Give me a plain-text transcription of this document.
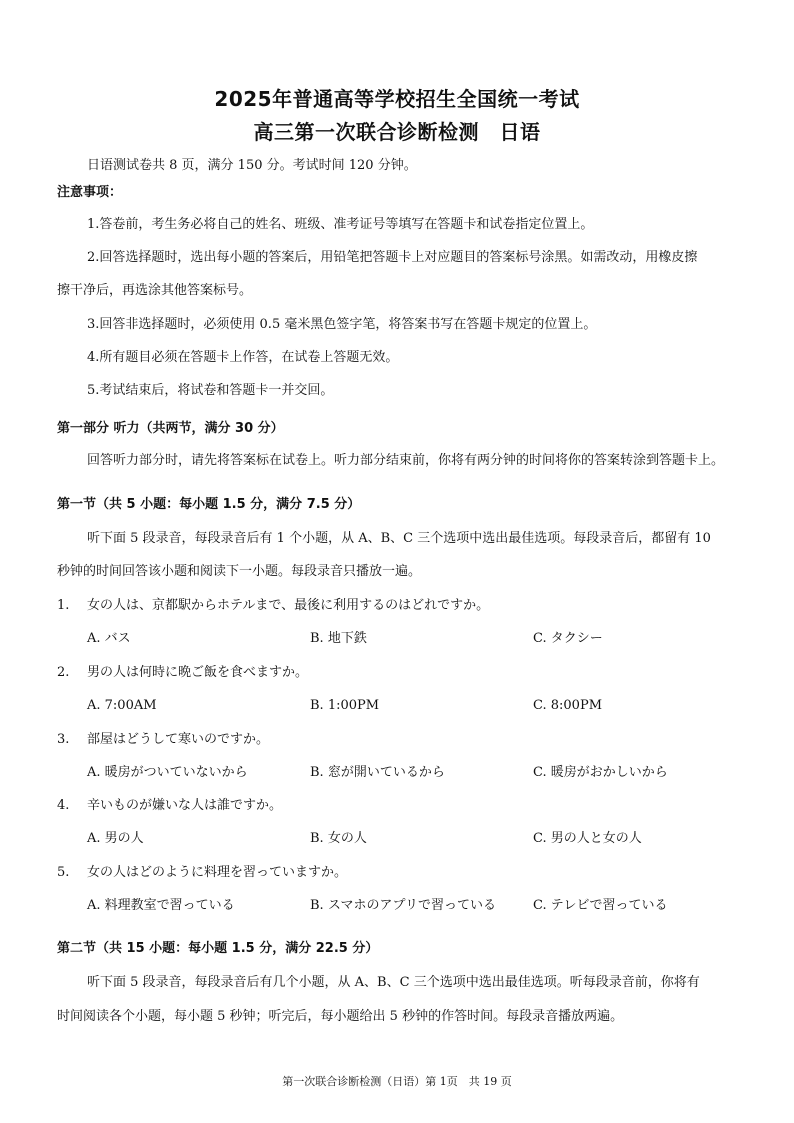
2025年普通高等学校招生全国统一考试
高三第一次联合诊断检测　日语
日语测试卷共 8 页，满分 150 分。考试时间 120 分钟。
注意事项：
1.答卷前，考生务必将自己的姓名、班级、准考证号等填写在答题卡和试卷指定位置上。
2.回答选择题时，选出每小题的答案后，用铅笔把答题卡上对应题目的答案标号涂黑。如需改动，用橡皮擦
擦干净后，再选涂其他答案标号。
3.回答非选择题时，必须使用 0.5 毫米黑色签字笔，将答案书写在答题卡规定的位置上。
4.所有题目必须在答题卡上作答，在试卷上答题无效。
5.考试结束后，将试卷和答题卡一并交回。
第一部分 听力（共两节，满分 30 分）
回答听力部分时，请先将答案标在试卷上。听力部分结束前，你将有两分钟的时间将你的答案转涂到答题卡上。
第一节（共 5 小题：每小题 1.5 分，满分 7.5 分）
听下面 5 段录音，每段录音后有 1 个小题，从 A、B、C 三个选项中选出最佳选项。每段录音后，都留有 10
秒钟的时间回答该小题和阅读下一小题。每段录音只播放一遍。
1. 女の人は、京都駅からホテルまで、最後に利用するのはどれですか。
A. バス	B. 地下鉄	C. タクシー
2. 男の人は何時に晩ご飯を食べますか。
A. 7:00AM	B. 1:00PM	C. 8:00PM
3. 部屋はどうして寒いのですか。
A. 暖房がついていないから	B. 窓が開いているから	C. 暖房がおかしいから
4. 辛いものが嫌いな人は誰ですか。
A. 男の人	B. 女の人	C. 男の人と女の人
5. 女の人はどのように料理を習っていますか。
A. 料理教室で習っている	B. スマホのアプリで習っている	C. テレビで習っている
第二节（共 15 小题：每小题 1.5 分，满分 22.5 分）
听下面 5 段录音，每段录音后有几个小题，从 A、B、C 三个选项中选出最佳选项。听每段录音前，你将有
时间阅读各个小题，每小题 5 秒钟；听完后，每小题给出 5 秒钟的作答时间。每段录音播放两遍。
第一次联合诊断检测（日语）第 1页　共 19 页
